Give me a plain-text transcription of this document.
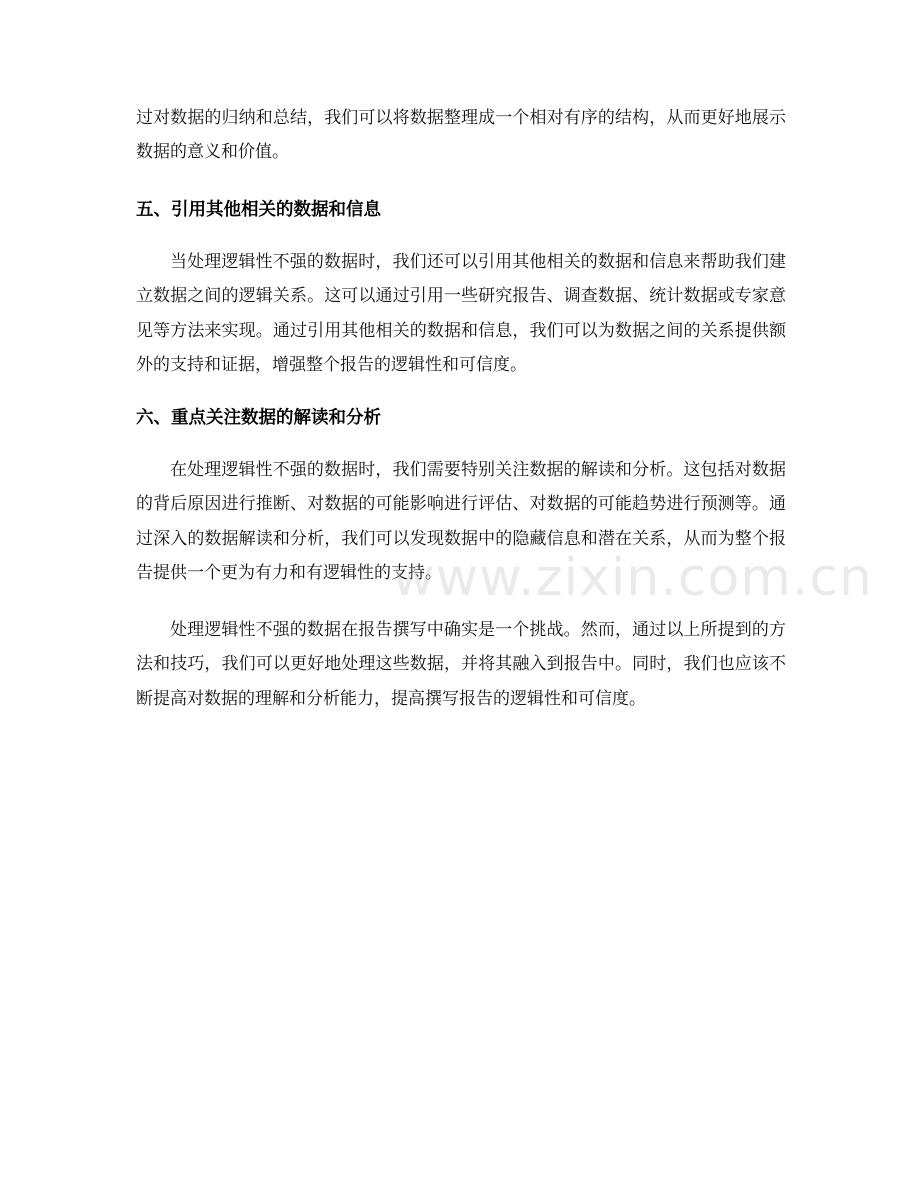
过对数据的归纳和总结，我们可以将数据整理成一个相对有序的结构，从而更好地展示数据的意义和价值。

五、引用其他相关的数据和信息

当处理逻辑性不强的数据时，我们还可以引用其他相关的数据和信息来帮助我们建立数据之间的逻辑关系。这可以通过引用一些研究报告、调查数据、统计数据或专家意见等方法来实现。通过引用其他相关的数据和信息，我们可以为数据之间的关系提供额外的支持和证据，增强整个报告的逻辑性和可信度。

六、重点关注数据的解读和分析

在处理逻辑性不强的数据时，我们需要特别关注数据的解读和分析。这包括对数据的背后原因进行推断、对数据的可能影响进行评估、对数据的可能趋势进行预测等。通过深入的数据解读和分析，我们可以发现数据中的隐藏信息和潜在关系，从而为整个报告提供一个更为有力和有逻辑性的支持。

处理逻辑性不强的数据在报告撰写中确实是一个挑战。然而，通过以上所提到的方法和技巧，我们可以更好地处理这些数据，并将其融入到报告中。同时，我们也应该不断提高对数据的理解和分析能力，提高撰写报告的逻辑性和可信度。

www.zixin.com.cn
